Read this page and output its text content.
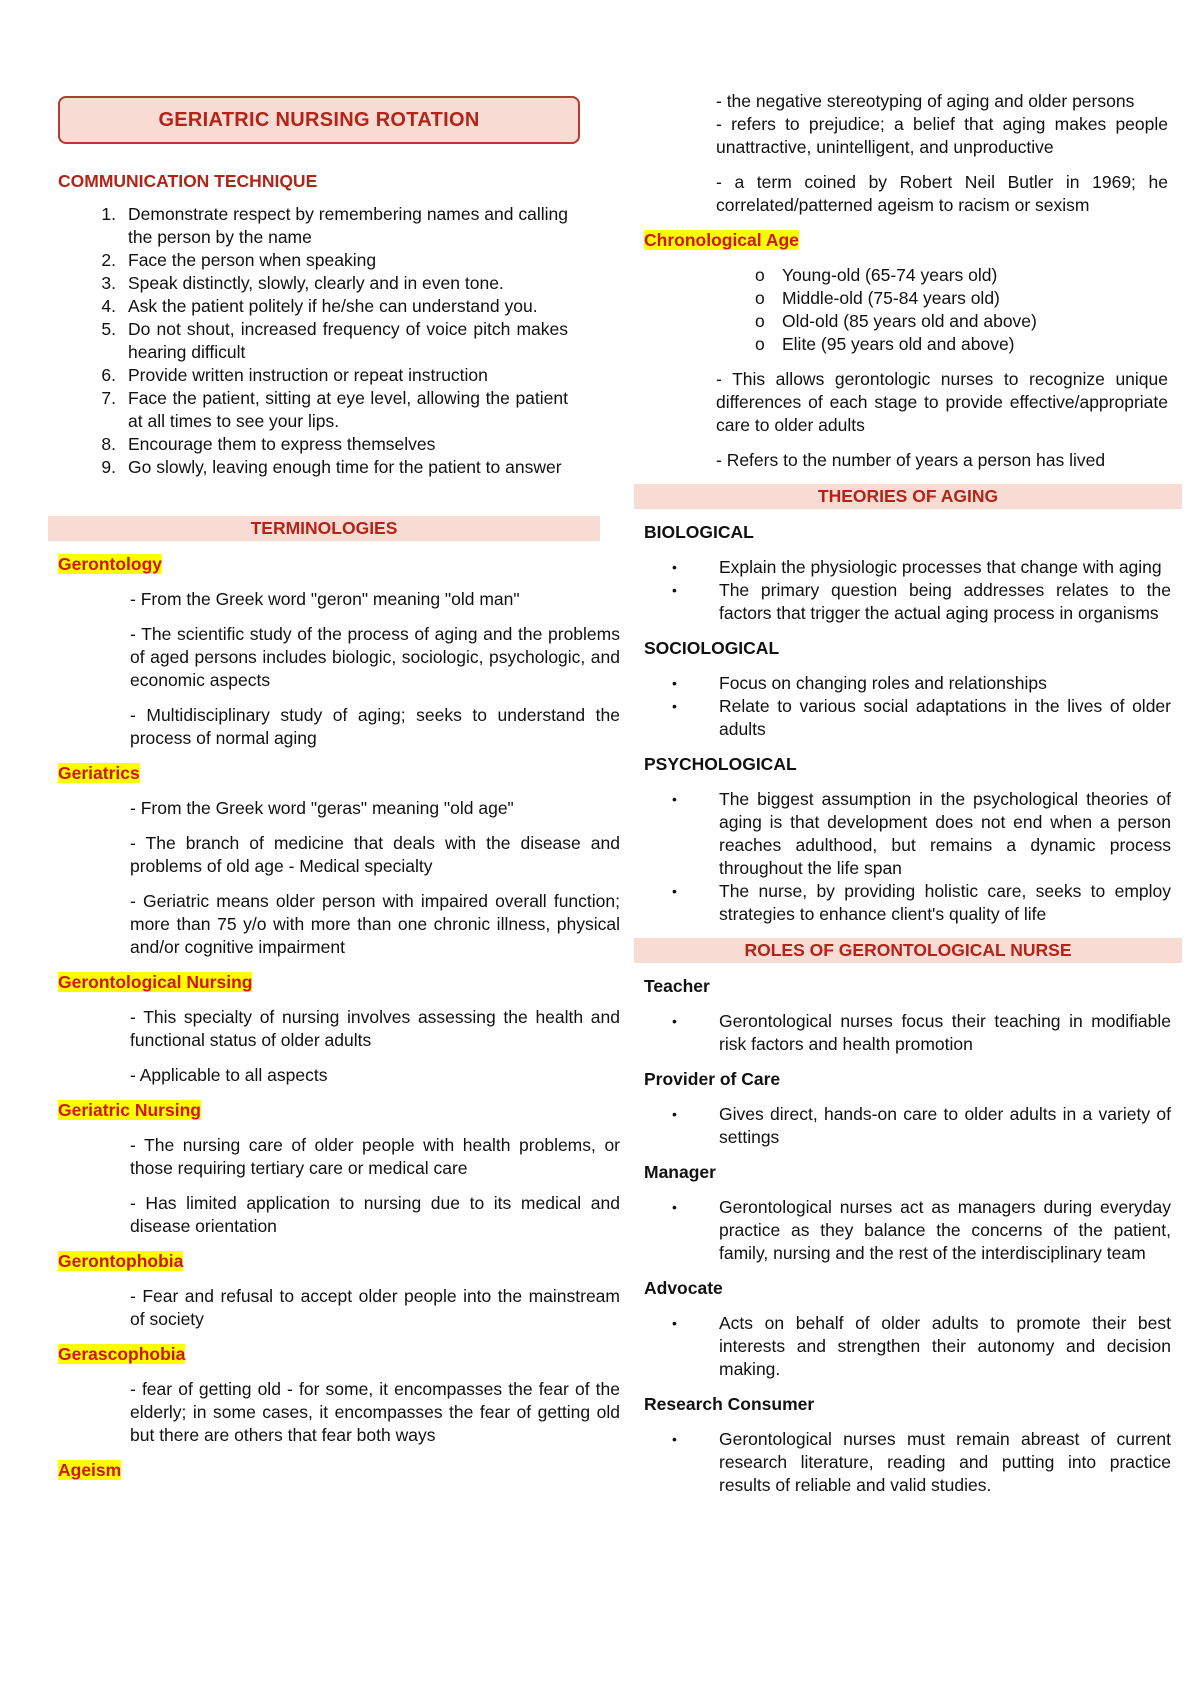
GERIATRIC NURSING ROTATION
COMMUNICATION TECHNIQUE
1. Demonstrate respect by remembering names and calling the person by the name
2. Face the person when speaking
3. Speak distinctly, slowly, clearly and in even tone.
4. Ask the patient politely if he/she can understand you.
5. Do not shout, increased frequency of voice pitch makes hearing difficult
6. Provide written instruction or repeat instruction
7. Face the patient, sitting at eye level, allowing the patient at all times to see your lips.
8. Encourage them to express themselves
9. Go slowly, leaving enough time for the patient to answer
TERMINOLOGIES
Gerontology
- From the Greek word "geron" meaning "old man"
- The scientific study of the process of aging and the problems of aged persons includes biologic, sociologic, psychologic, and economic aspects
- Multidisciplinary study of aging; seeks to understand the process of normal aging
Geriatrics
- From the Greek word "geras" meaning "old age"
- The branch of medicine that deals with the disease and problems of old age - Medical specialty
- Geriatric means older person with impaired overall function; more than 75 y/o with more than one chronic illness, physical and/or cognitive impairment
Gerontological Nursing
- This specialty of nursing involves assessing the health and functional status of older adults
- Applicable to all aspects
Geriatric Nursing
- The nursing care of older people with health problems, or those requiring tertiary care or medical care
- Has limited application to nursing due to its medical and disease orientation
Gerontophobia
- Fear and refusal to accept older people into the mainstream of society
Gerascophobia
- fear of getting old - for some, it encompasses the fear of the elderly; in some cases, it encompasses the fear of getting old but there are others that fear both ways
Ageism
- the negative stereotyping of aging and older persons
- refers to prejudice; a belief that aging makes people unattractive, unintelligent, and unproductive
- a term coined by Robert Neil Butler in 1969; he correlated/patterned ageism to racism or sexism
Chronological Age
o Young-old (65-74 years old)
o Middle-old (75-84 years old)
o Old-old (85 years old and above)
o Elite (95 years old and above)
- This allows gerontologic nurses to recognize unique differences of each stage to provide effective/appropriate care to older adults
- Refers to the number of years a person has lived
THEORIES OF AGING
BIOLOGICAL
•	Explain the physiologic processes that change with aging
•	The primary question being addresses relates to the factors that trigger the actual aging process in organisms
SOCIOLOGICAL
•	Focus on changing roles and relationships
•	Relate to various social adaptations in the lives of older adults
PSYCHOLOGICAL
•	The biggest assumption in the psychological theories of aging is that development does not end when a person reaches adulthood, but remains a dynamic process throughout the life span
•	The nurse, by providing holistic care, seeks to employ strategies to enhance client's quality of life
ROLES OF GERONTOLOGICAL NURSE
Teacher
•	Gerontological nurses focus their teaching in modifiable risk factors and health promotion
Provider of Care
•	Gives direct, hands-on care to older adults in a variety of settings
Manager
•	Gerontological nurses act as managers during everyday practice as they balance the concerns of the patient, family, nursing and the rest of the interdisciplinary team
Advocate
•	Acts on behalf of older adults to promote their best interests and strengthen their autonomy and decision making.
Research Consumer
•	Gerontological nurses must remain abreast of current research literature, reading and putting into practice results of reliable and valid studies.
